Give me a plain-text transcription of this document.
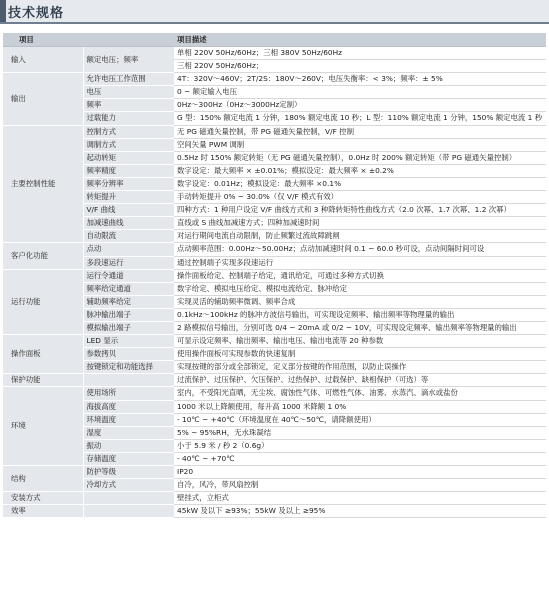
技术规格
项目		项目描述
输入	额定电压；频率	单相 220V 50Hz/60Hz；三相 380V 50Hz/60Hz
		三相 220V 50Hz/60Hz；
输出	允许电压工作范围	4T：320V～460V；2T/2S：180V～260V；电压失衡率：< 3%；频率：± 5%
	电压	0 ~ 额定输入电压
	频率	0Hz～300Hz（0Hz～3000Hz定制）
	过载能力	G 型：150% 额定电流 1 分钟，180% 额定电流 10 秒；L 型：110% 额定电流 1 分钟，150% 额定电流 1 秒
主要控制性能	控制方式	无 PG 磁通矢量控制，带 PG 磁通矢量控制，V/F 控制
	调制方式	空间矢量 PWM 调制
	起动转矩	0.5Hz 时 150% 额定转矩（无 PG 磁通矢量控制），0.0Hz 时 200% 额定转矩（带 PG 磁通矢量控制）
	频率精度	数字设定：最大频率 × ±0.01%；模拟设定：最大频率 × ±0.2%
	频率分辨率	数字设定：0.01Hz；模拟设定：最大频率 ×0.1%
	转矩提升	手动转矩提升 0% ~ 30.0%（仅 V/F 模式有效）
	V/F 曲线	四种方式：1 种用户设定 V/F 曲线方式和 3 种降转矩特性曲线方式（2.0 次幂、1.7 次幂、1.2 次幂）
	加减速曲线	直线或 S 曲线加减速方式；四种加减速时间
	自动限流	对运行期间电流自动限制，防止频繁过流故障跳闸
客户化功能	点动	点动频率范围：0.00Hz～50.00Hz；点动加减速时间 0.1 ~ 60.0 秒可设，点动间隔时间可设
	多段速运行	通过控制端子实现多段速运行
运行功能	运行令通道	操作面板给定、控制端子给定，通讯给定，可通过多种方式切换
	频率给定通道	数字给定、模拟电压给定、模拟电流给定、脉冲给定
	辅助频率给定	实现灵活的辅助频率微调、频率合成
	脉冲输出端子	0.1kHz～100kHz 的脉冲方波信号输出，可实现设定频率、输出频率等物理量的输出
	模拟输出端子	2 路模拟信号输出，分别可选 0/4 ~ 20mA 或 0/2 ~ 10V，可实现设定频率、输出频率等物理量的输出
操作面板	LED 显示	可显示设定频率、输出频率、输出电压、输出电流等 20 种参数
	参数拷贝	使用操作面板可实现参数的快速复制
	按键锁定和功能选择	实现按键的部分或全部锁定，定义部分按键的作用范围，以防止误操作
保护功能		过流保护、过压保护、欠压保护、过热保护、过载保护、缺相保护（可选）等
环境	使用场所	室内，不受阳光直晒，无尘埃、腐蚀性气体、可燃性气体、油雾、水蒸汽、滴水或盐份
	海拔高度	1000 米以上降额使用，每升高 1000 米降额 1 0%
	环境温度	- 10℃ ~ +40℃（环境温度在 40℃～50℃，请降额使用）
	湿度	5% ~ 95%RH，无水珠凝结
	振动	小于 5.9 米 / 秒 2（0.6g）
	存储温度	- 40℃ ~ +70℃
结构	防护等级	IP20
	冷却方式	自冷，风冷，带风扇控制
安装方式		壁挂式，立柜式
效率		45kW 及以下 ≥93%；55kW 及以上 ≥95%
